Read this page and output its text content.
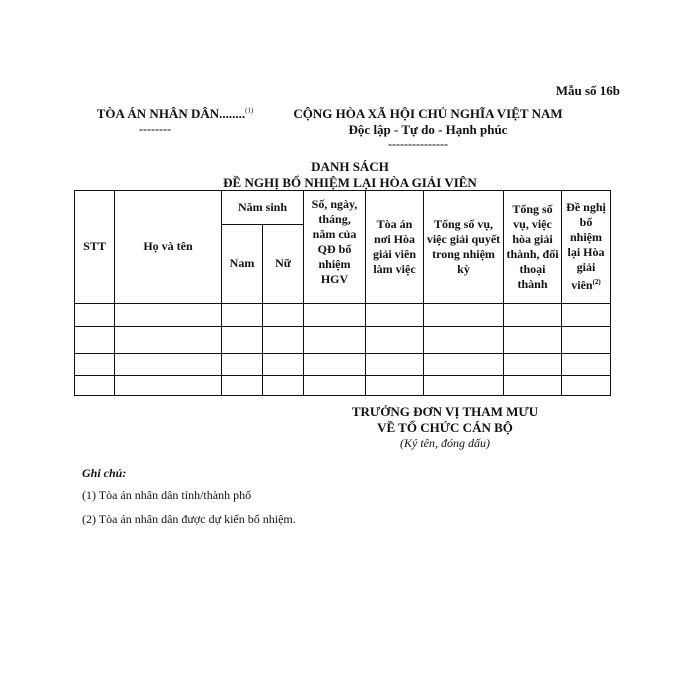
Mẫu số 16b
TÒA ÁN NHÂN DÂN........$^{(1)}$
--------
CỘNG HÒA XÃ HỘI CHỦ NGHĨA VIỆT NAM
Độc lập - Tự do - Hạnh phúc
---------------
DANH SÁCH
ĐỀ NGHỊ BỔ NHIỆM LẠI HÒA GIẢI VIÊN
STT	Họ và tên	Năm sinh		Số, ngày, tháng, năm của QĐ bổ nhiệm HGV	Tòa án nơi Hòa giải viên làm việc	Tổng số vụ, việc giải quyết trong nhiệm kỳ	Tổng số vụ, việc hòa giải thành, đối thoại thành	Đề nghị bổ nhiệm lại Hòa giải viên$^{(2)}$
		Nam	Nữ					

TRƯỞNG ĐƠN VỊ THAM MƯU
VỀ TỔ CHỨC CÁN BỘ
(Ký tên, đóng dấu)
Ghi chú:
(1) Tòa án nhân dân tỉnh/thành phố
(2) Tòa án nhân dân được dự kiến bổ nhiệm.
